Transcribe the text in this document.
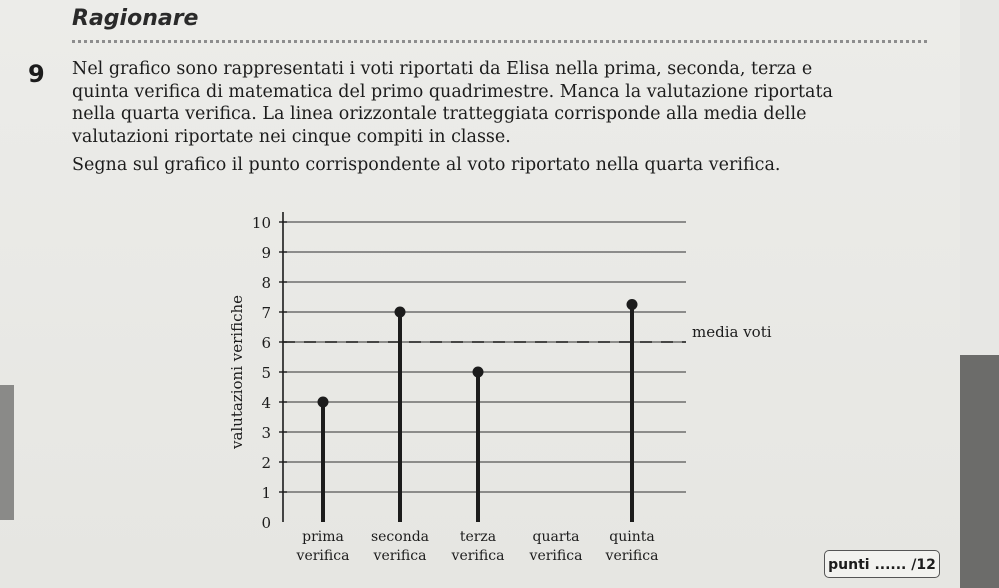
Ragionare
9 Nel grafico sono rappresentati i voti riportati da Elisa nella prima, seconda, terza e

quinta verifica di matematica del primo quadrimestre. Manca la valutazione riportata

nella quarta verifica. La linea orizzontale tratteggiata corrisponde alla media delle

valutazioni riportate nei cinque compiti in classe.

Segna sul grafico il punto corrispondente al voto riportato nella quarta verifica.
0
1
2
3
4
5
6
7
8
9
10
valutazioni verifiche	media voti
prima
verifica
seconda
verifica
terza
verifica
quarta
verifica
quinta
verifica
punti ...... /12
